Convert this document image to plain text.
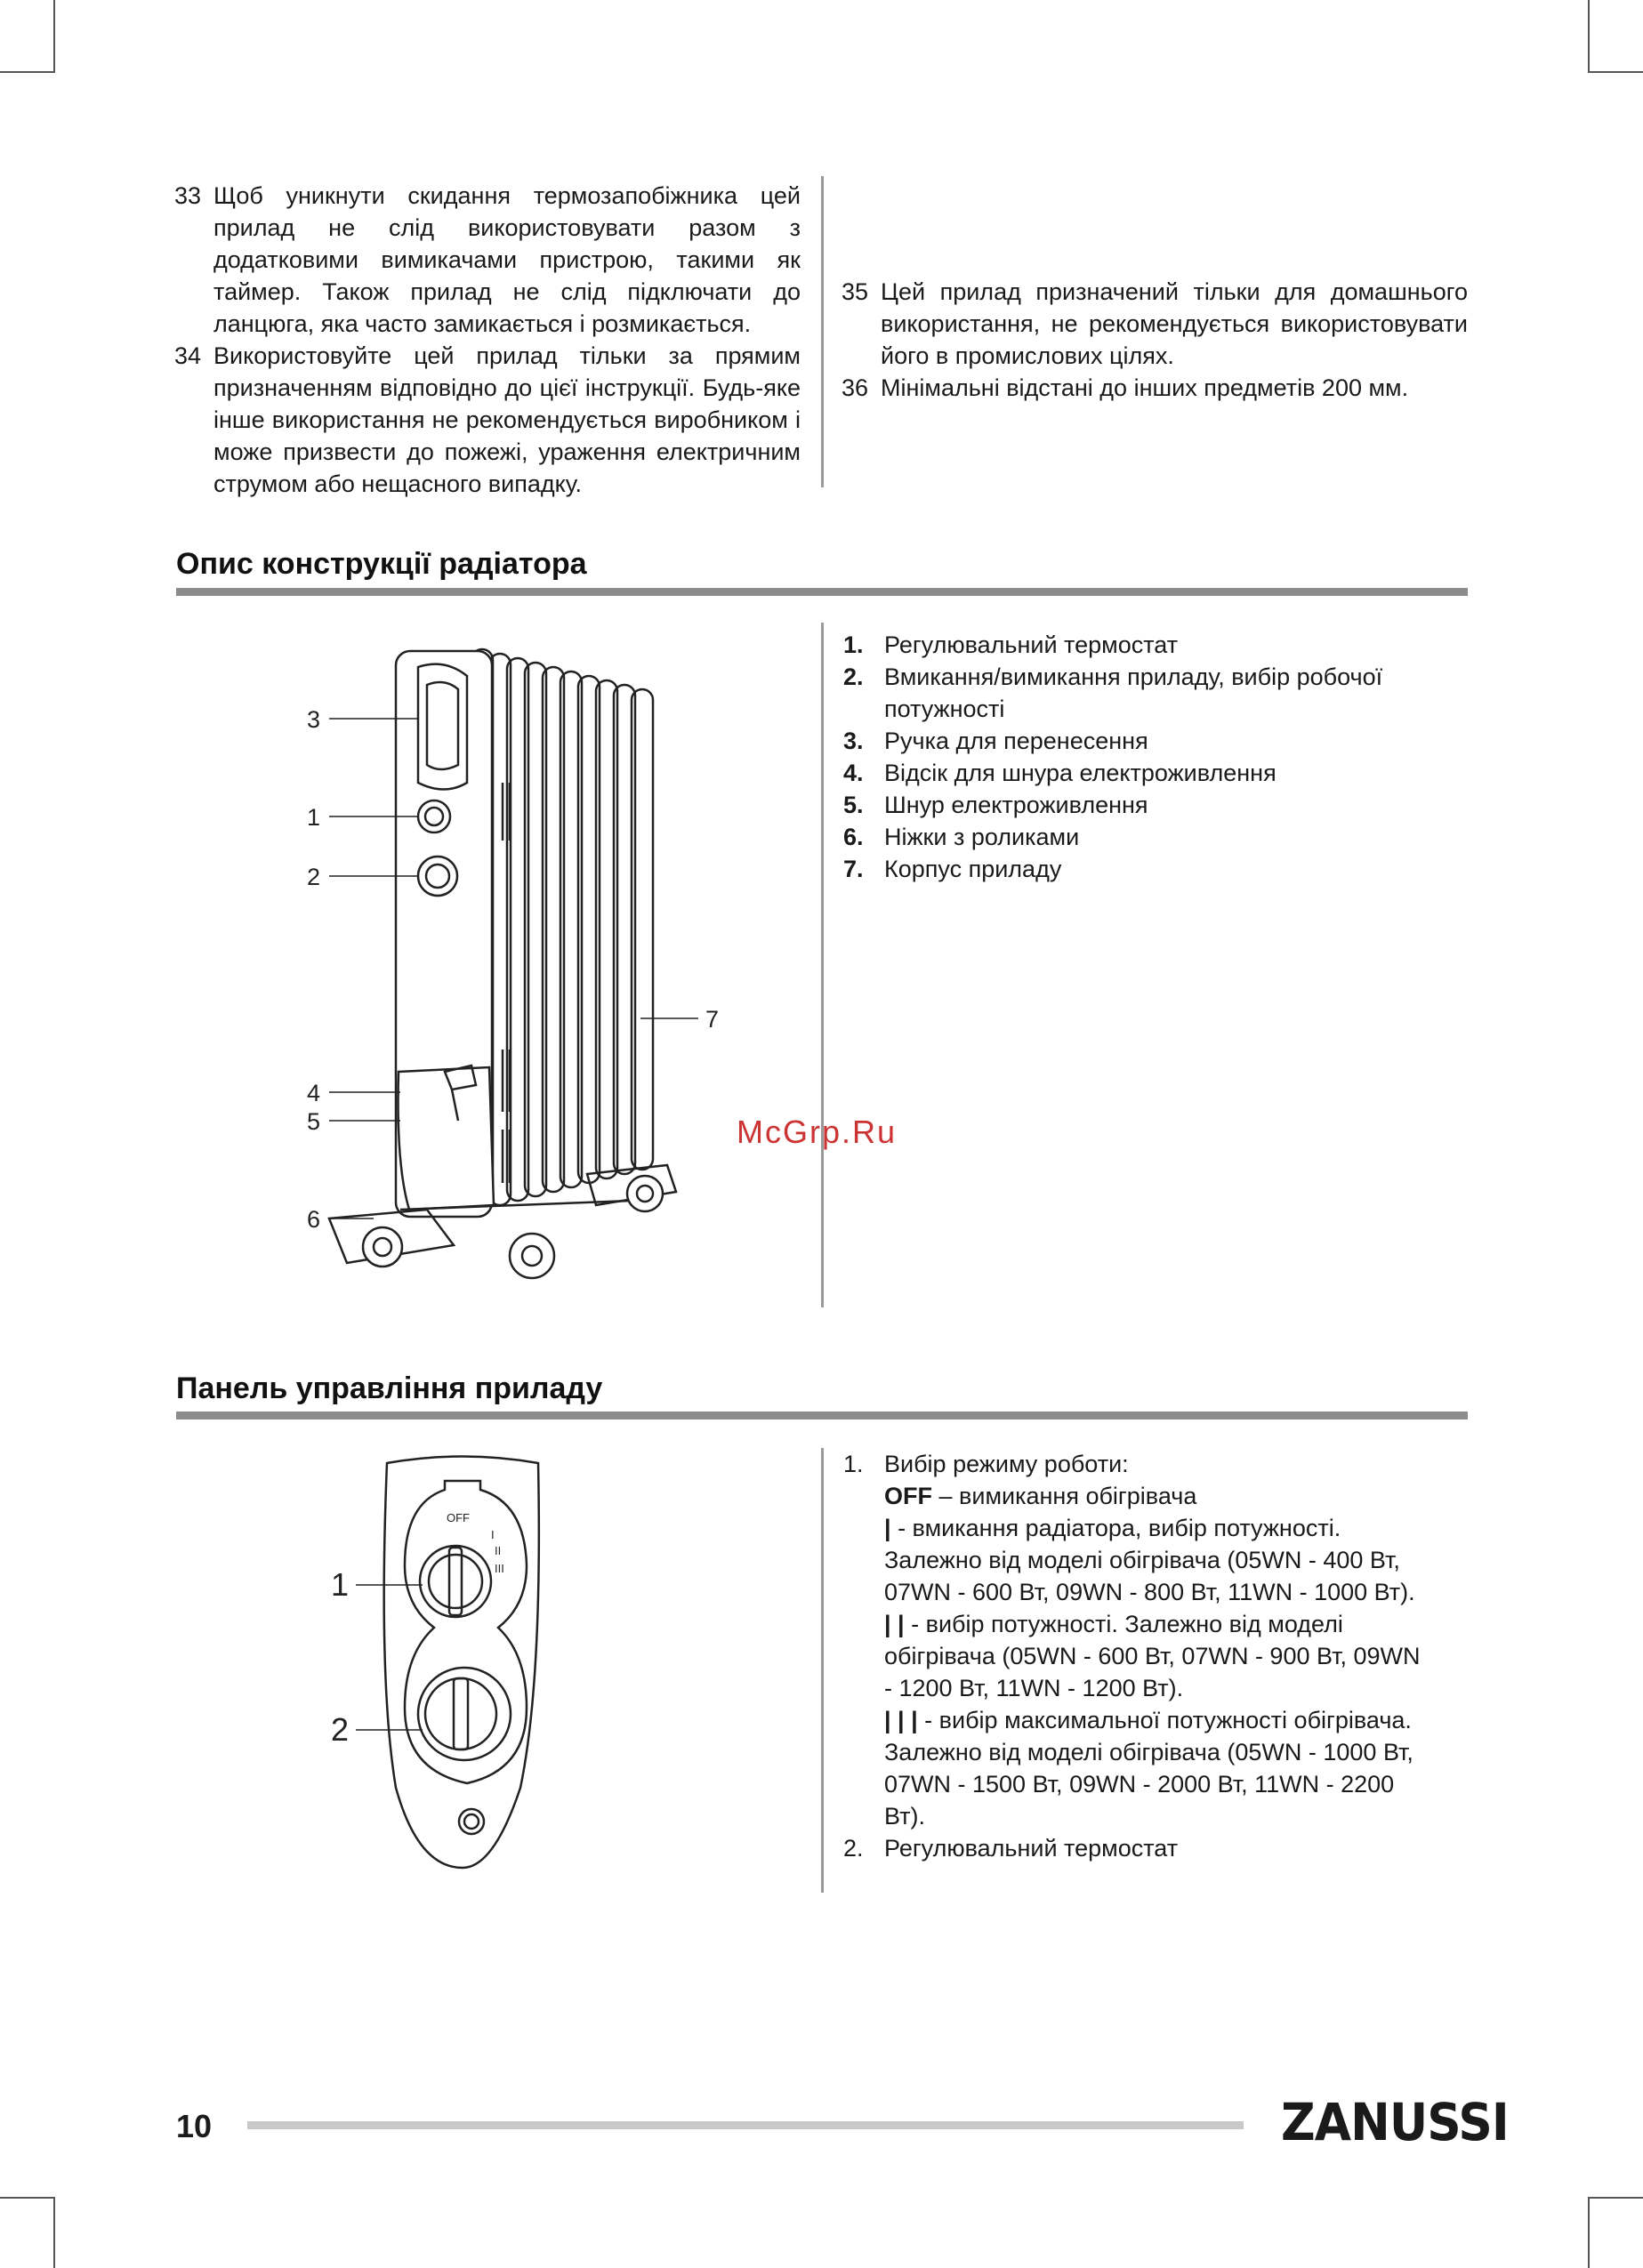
33 Щоб уникнути скидання термозапобіжника цей прилад не слід використовувати разом з додатковими вимикачами пристрою, такими як таймер. Також прилад не слід підключати до ланцюга, яка часто замикається і розмикається.
34 Використовуйте цей прилад тільки за прямим призначенням відповідно до цієї інструкції. Будь-яке інше використання не рекомендується виробником і може призвести до пожежі, ураження електричним струмом або нещасного випадку.
35 Цей прилад призначений тільки для домашнього використання, не рекомендується використовувати його в промислових цілях.
36 Мінімальні відстані до інших предметів 200 мм.
Опис конструкції радіатора
3
1
2
4
5
6
7
1. Регулювальний термостат
2. Вмикання/вимикання приладу, вибір робочої потужності
3. Ручка для перенесення
4. Відсік для шнура електроживлення
5. Шнур електроживлення
6. Ніжки з роликами
7. Корпус приладу
McGrp.Ru
Панель управління приладу
OFF
I
II
III
1
2
1. Вибір режиму роботи:
OFF – вимикання обігрівача
| - вмикання радіатора, вибір потужності. Залежно від моделі обігрівача (05WN - 400 Вт, 07WN - 600 Вт, 09WN - 800 Вт, 11WN - 1000 Вт).
| | - вибір потужності. Залежно від моделі обігрівача (05WN - 600 Вт, 07WN - 900 Вт, 09WN - 1200 Вт, 11WN - 1200 Вт).
| | | - вибір максимальної потужності обігрівача. Залежно від моделі обігрівача (05WN - 1000 Вт, 07WN - 1500 Вт, 09WN - 2000 Вт, 11WN - 2200 Вт).
2. Регулювальний термостат
10	ZANUSSI
